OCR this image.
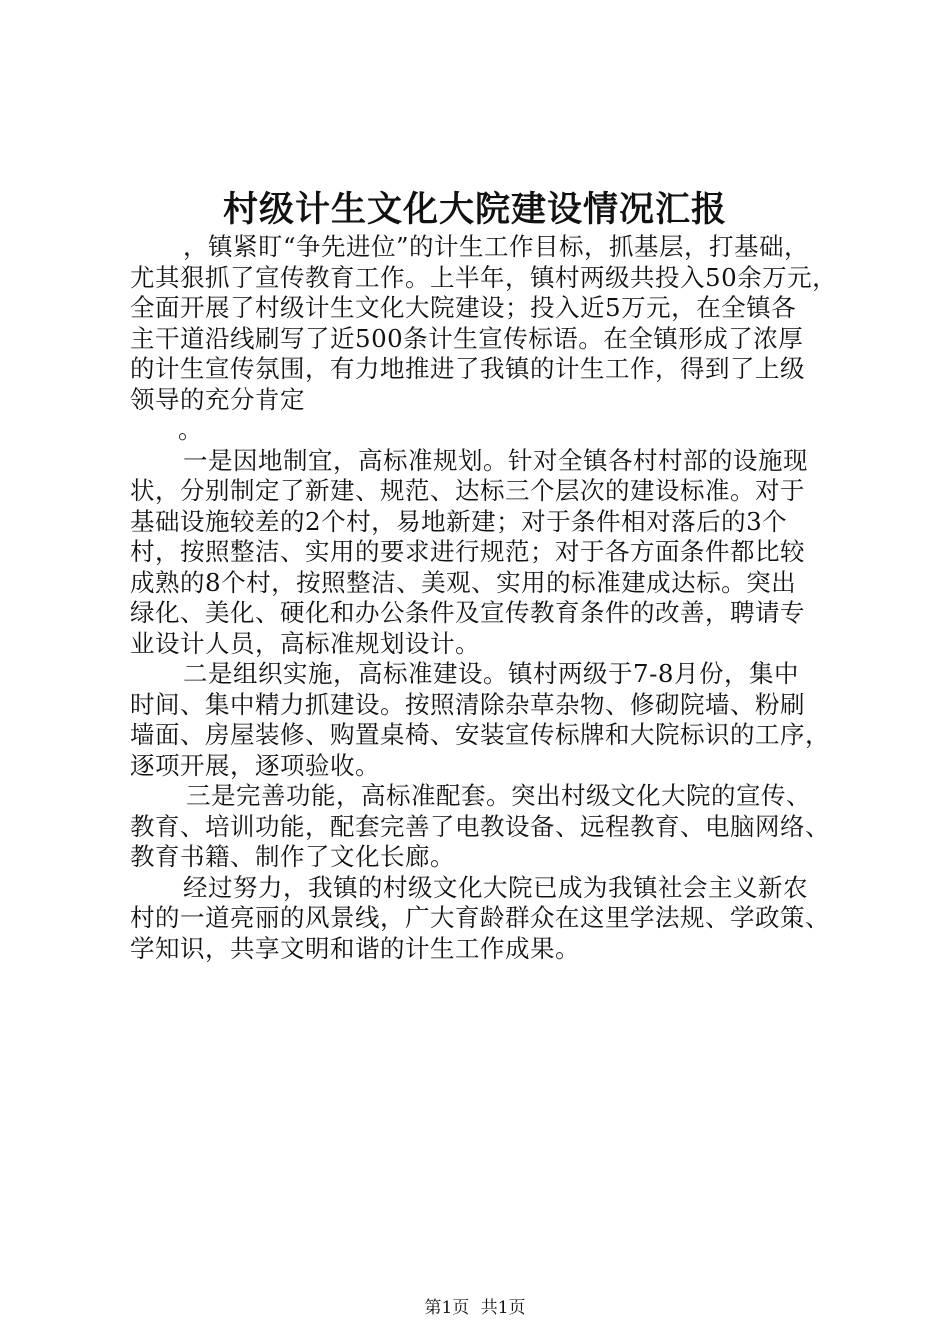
村级计生文化大院建设情况汇报
，镇紧盯“争先进位”的计生工作目标，抓基层，打基础，
尤其狠抓了宣传教育工作。上半年，镇村两级共投入50余万元，
全面开展了村级计生文化大院建设；投入近5万元，在全镇各
主干道沿线刷写了近500条计生宣传标语。在全镇形成了浓厚
的计生宣传氛围，有力地推进了我镇的计生工作，得到了上级
领导的充分肯定
。
一是因地制宜，高标准规划。针对全镇各村村部的设施现
状，分别制定了新建、规范、达标三个层次的建设标准。对于
基础设施较差的2个村，易地新建；对于条件相对落后的3个
村，按照整洁、实用的要求进行规范；对于各方面条件都比较
成熟的8个村，按照整洁、美观、实用的标准建成达标。突出
绿化、美化、硬化和办公条件及宣传教育条件的改善，聘请专
业设计人员，高标准规划设计。
二是组织实施，高标准建设。镇村两级于7-8月份，集中
时间、集中精力抓建设。按照清除杂草杂物、修砌院墙、粉刷
墙面、房屋装修、购置桌椅、安装宣传标牌和大院标识的工序，
逐项开展，逐项验收。
三是完善功能，高标准配套。突出村级文化大院的宣传、
教育、培训功能，配套完善了电教设备、远程教育、电脑网络、
教育书籍、制作了文化长廊。
经过努力，我镇的村级文化大院已成为我镇社会主义新农
村的一道亮丽的风景线，广大育龄群众在这里学法规、学政策、
学知识，共享文明和谐的计生工作成果。
第1页 共1页
